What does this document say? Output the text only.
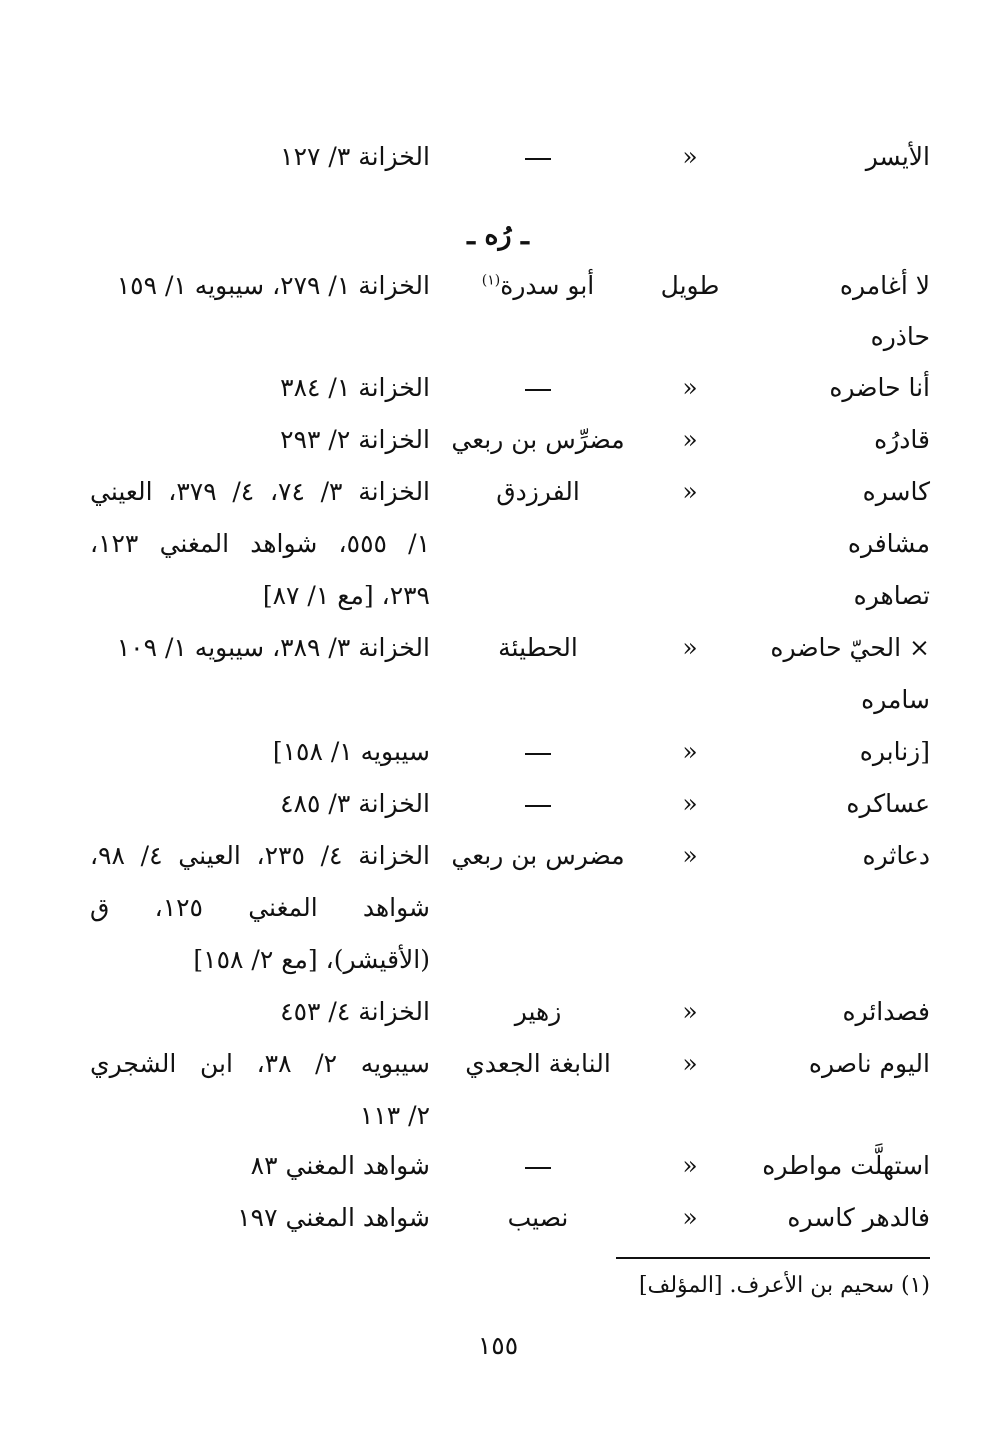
ـ رُه ـ
الأيسر
«
الخزانة ٣/ ١٢٧
لا أغامره
طويل
أبو سدرة$^{(١)}$
الخزانة ١/ ٢٧٩، سيبويه ١/ ١٥٩
حاذره
أنا حاضره
«
الخزانة ١/ ٣٨٤
قادرُه
«
مضرِّس بن ربعي
الخزانة ٢/ ٢٩٣
كاسره
«
الفرزدق
الخزانة ٣/ ٧٤، ٤/ ٣٧٩، العيني
مشافره
١/ ٥٥٥، شواهد المغني ١٢٣،
تصاهره
٢٣٩، [مع ١/ ٨٧]
× الحيّ حاضره
«
الحطيئة
الخزانة ٣/ ٣٨٩، سيبويه ١/ ١٠٩
سامره
[زنابره
«
سيبويه ١/ ١٥٨]
عساكره
«
الخزانة ٣/ ٤٨٥
دعاثره
«
مضرس بن ربعي
الخزانة ٤/ ٢٣٥، العيني ٤/ ٩٨،
شواهد المغني ١٢٥، ق
(الأقيشر)، [مع ٢/ ١٥٨]
فصدائره
«
زهير
الخزانة ٤/ ٤٥٣
اليوم ناصره
«
النابغة الجعدي
سيبويه ٢/ ٣٨، ابن الشجري
٢/ ١١٣
استهلَّت مواطره
«
شواهد المغني ٨٣
فالدهر كاسره
«
نصيب
شواهد المغني ١٩٧
(١) سحيم بن الأعرف. [المؤلف]
١٥٥
